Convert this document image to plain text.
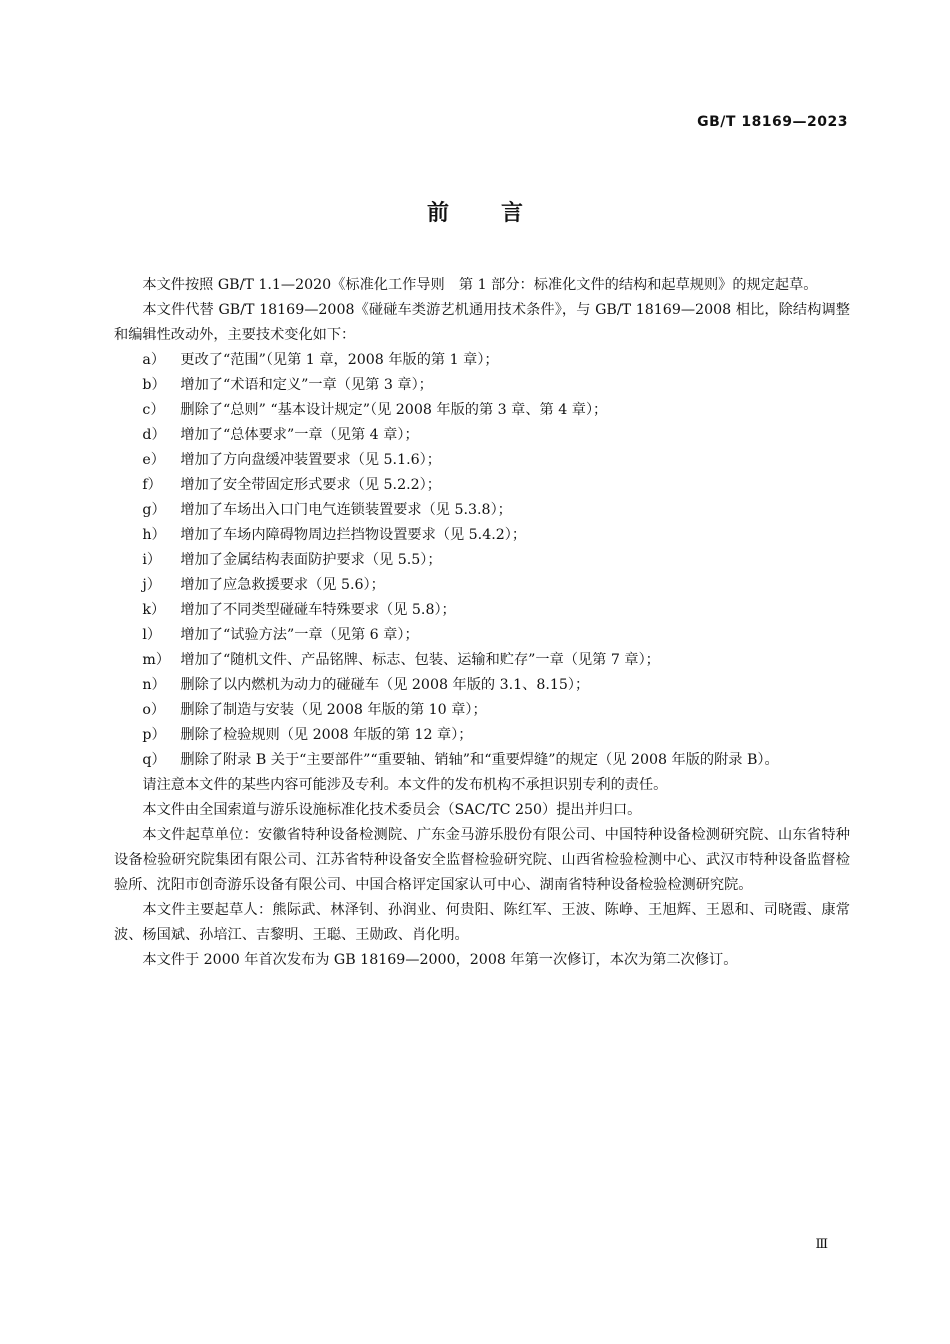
GB/T 18169—2023
前言
本文件按照 GB/T 1.1—2020《标准化工作导则　第 1 部分：标准化文件的结构和起草规则》的规定起草。
本文件代替 GB/T 18169—2008《碰碰车类游艺机通用技术条件》，与 GB/T 18169—2008 相比，除结构调整和编辑性改动外，主要技术变化如下：
a） 更改了“范围”（见第 1 章，2008 年版的第 1 章）；
b） 增加了“术语和定义”一章（见第 3 章）；
c） 删除了“总则” “基本设计规定”（见 2008 年版的第 3 章、第 4 章）；
d） 增加了“总体要求”一章（见第 4 章）；
e） 增加了方向盘缓冲装置要求（见 5.1.6）；
f） 增加了安全带固定形式要求（见 5.2.2）；
g） 增加了车场出入口门电气连锁装置要求（见 5.3.8）；
h） 增加了车场内障碍物周边拦挡物设置要求（见 5.4.2）；
i） 增加了金属结构表面防护要求（见 5.5）；
j） 增加了应急救援要求（见 5.6）；
k） 增加了不同类型碰碰车特殊要求（见 5.8）；
l） 增加了“试验方法”一章（见第 6 章）；
m） 增加了“随机文件、产品铭牌、标志、包装、运输和贮存”一章（见第 7 章）；
n） 删除了以内燃机为动力的碰碰车（见 2008 年版的 3.1、8.15）；
o） 删除了制造与安装（见 2008 年版的第 10 章）；
p） 删除了检验规则（见 2008 年版的第 12 章）；
q） 删除了附录 B 关于“主要部件”“重要轴、销轴”和“重要焊缝”的规定（见 2008 年版的附录 B）。
请注意本文件的某些内容可能涉及专利。本文件的发布机构不承担识别专利的责任。
本文件由全国索道与游乐设施标准化技术委员会（SAC/TC 250）提出并归口。
本文件起草单位：安徽省特种设备检测院、广东金马游乐股份有限公司、中国特种设备检测研究院、山东省特种设备检验研究院集团有限公司、江苏省特种设备安全监督检验研究院、山西省检验检测中心、武汉市特种设备监督检验所、沈阳市创奇游乐设备有限公司、中国合格评定国家认可中心、湖南省特种设备检验检测研究院。
本文件主要起草人：熊际武、林泽钊、孙润业、何贵阳、陈红军、王波、陈峥、王旭辉、王恩和、司晓霞、康常波、杨国斌、孙培江、吉黎明、王聪、王勋政、肖化明。
本文件于 2000 年首次发布为 GB 18169—2000，2008 年第一次修订，本次为第二次修订。
Ⅲ
